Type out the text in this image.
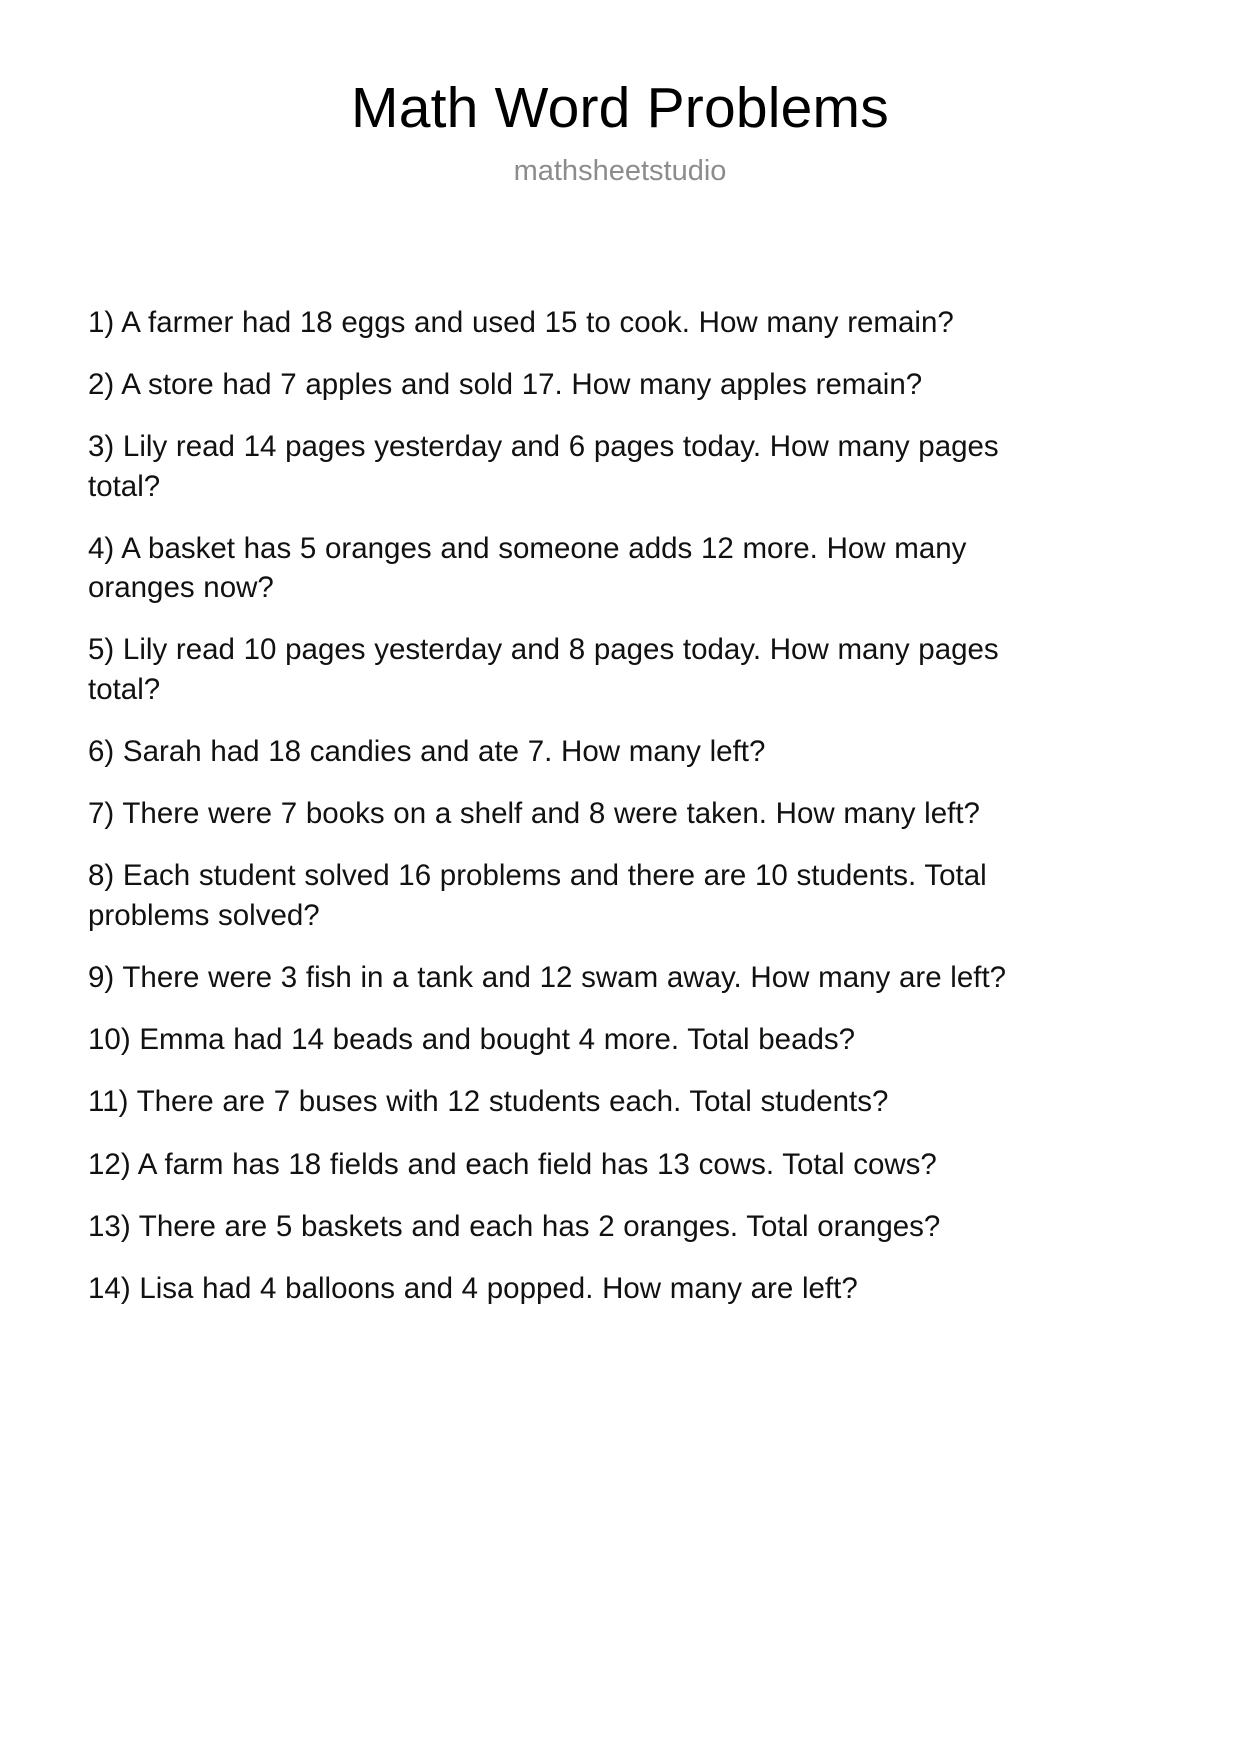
Math Word Problems

mathsheetstudio

1) A farmer had 18 eggs and used 15 to cook. How many remain?
2) A store had 7 apples and sold 17. How many apples remain?
3) Lily read 14 pages yesterday and 6 pages today. How many pages total?
4) A basket has 5 oranges and someone adds 12 more. How many oranges now?
5) Lily read 10 pages yesterday and 8 pages today. How many pages total?
6) Sarah had 18 candies and ate 7. How many left?
7) There were 7 books on a shelf and 8 were taken. How many left?
8) Each student solved 16 problems and there are 10 students. Total problems solved?
9) There were 3 fish in a tank and 12 swam away. How many are left?
10) Emma had 14 beads and bought 4 more. Total beads?
11) There are 7 buses with 12 students each. Total students?
12) A farm has 18 fields and each field has 13 cows. Total cows?
13) There are 5 baskets and each has 2 oranges. Total oranges?
14) Lisa had 4 balloons and 4 popped. How many are left?
